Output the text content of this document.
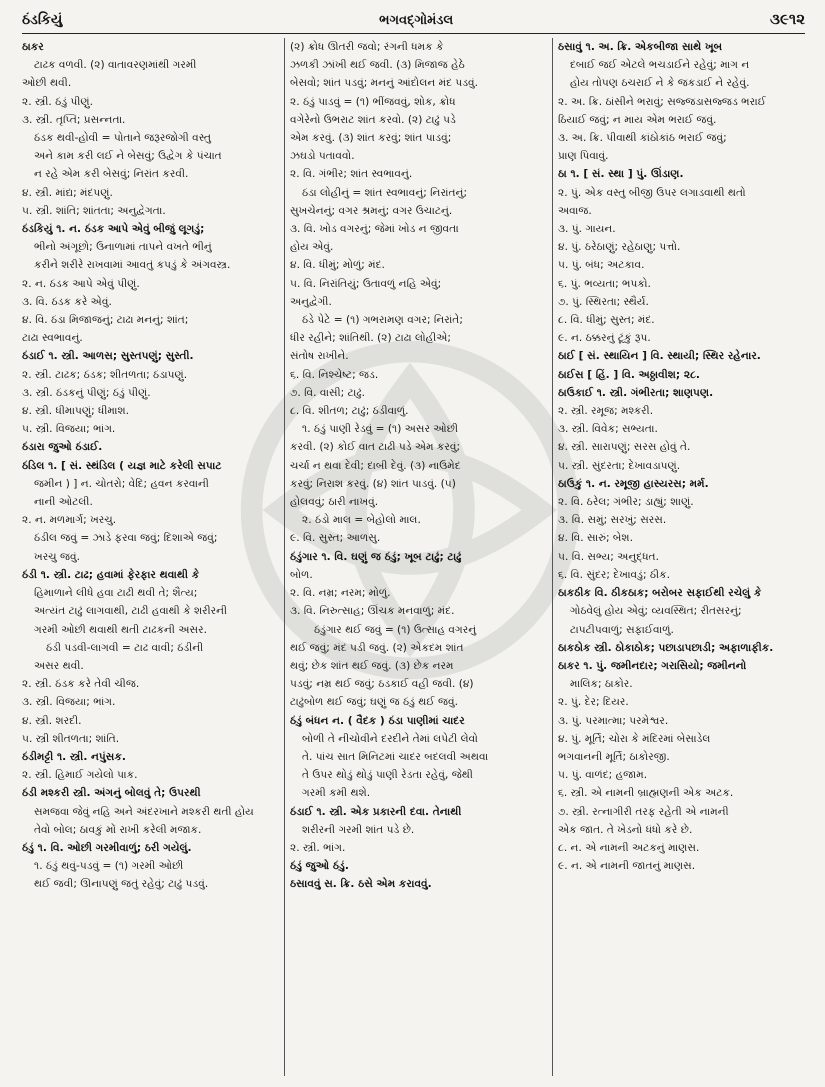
ઠંડકિયું	ભગવદ્ગોમંડલ	૩૯૧૨
ઠાકર
ટાઢક વળવી. (૨) વાતાવરણમાંથી ગરમી
ઓછી થવી.
૨. સ્ત્રી. ઠંડું પીણું.
૩. સ્ત્રી. તૃપ્તિ; પ્રસન્નતા.
ઠંડક થવી-હોવી = પોતાને જરૂરજોગી વસ્તુ
અને કામ કરી લઈ ને બેસવું; ઉદ્વેગ કે પંચાત
ન રહે એમ કરી બેસવું; નિરાંત કરવી.
૪. સ્ત્રી. માંદ્ય; મંદપણું.
૫. સ્ત્રી. શાંતિ; શાંતતા; અનુદ્વેગતા.
ઠંડકિયું ૧. ન. ઠંડક આપે એવું બીજું લૂગડું;
ભીનો અંગૂછો; ઉનાળામાં તાપને વખતે ભીનું
કરીને શરીરે રાખવામાં આવતું કપડું કે અંગવસ્ત્ર.
૨. ન. ઠંડક આપે એવું પીણું.
૩. વિ. ઠંડક કરે એવું.
૪. વિ. ઠંડા મિજાજનું; ટાઢા મનનું; શાંત;
ટાઢા સ્વભાવનું.
ઠંડાઈ ૧. સ્ત્રી. આળસ; સુસ્તપણું; સુસ્તી.
૨. સ્ત્રી. ટાઢક; ઠંડક; શીતળતા; ઠંડાપણું.
૩. સ્ત્રી. ઠંડકનું પીણું; ઠંડું પીણું.
૪. સ્ત્રી. ધીમાપણું; ધીમાશ.
૫. સ્ત્રી. વિજયા; ભાંગ.
ઠંડારા જુઓ ઠંડાઈ.
ઠંડિલ ૧. [ સં. સ્થંડિલ ( યજ્ઞ માટે કરેલી સપાટ
જમીન ) ] ન. ચોતરો; વેદિ; હવન કરવાની
નાની ઓટલી.
૨. ન. મળમાર્ગ; ખરચુ.
ઠંડીલ જવું = ઝાડે ફરવા જવું; દિશાએ જવું;
ખરચુ જવું.
ઠંડી ૧. સ્ત્રી. ટાઢ; હવામાં ફેરફાર થવાથી કે
હિમાળાને લીધે હવા ટાઢી થવી તે; શૈત્ય;
અત્યંત ટાઢું લાગવાથી, ટાઢી હવાથી કે શરીરની
ગરમી ઓછી થવાથી થતી ટાઢકની અસર.
ઠંડી પડવી-લાગવી = ટાઢ વાવી; ઠંડીની
અસર થવી.
૨. સ્ત્રી. ઠંડક કરે તેવી ચીજ.
૩. સ્ત્રી. વિજયા; ભાંગ.
૪. સ્ત્રી. શરદી.
૫. સ્ત્રી શીતળતા; શાંતિ.
ઠંડીમટ્ટી ૧. સ્ત્રી. નપુંસક.
૨. સ્ત્રી. હિમાઈ ગયેલો પાક.
ઠંડી મશ્કરી સ્ત્રી. અંગનું બોલવું તે; ઉપરથી
સમજવા જેવું નહિ અને અંદરખાને મશ્કરી થતી હોય
તેવો બોલ; ઠાવકું મોં રાખી કરેલી મજાક.
ઠંડું ૧. વિ. ઓછી ગરમીવાળું; ઠરી ગયેલું.
૧. ઠંડું થવું-પડવું = (૧) ગરમી ઓછી
થઈ જવી; ઊનાપણું જતું રહેવું; ટાઢું પડવું.
(૨) ક્રોધ ઊતરી જવો; રંગની ધમક કે
ઝળકી ઝાંખી થઈ જવી. (૩) મિજાજ હેઠે
બેસવો; શાંત પડવું; મનનું આંદોલન મંદ પડવું.
૨. ઠંડું પાડવું = (૧) ભીંજવવું, શોક, ક્રોધ
વગેરેનો ઉભરાટ શાંત કરવો. (૨) ટાઢું પડે
એમ કરવું. (૩) શાંત કરવું; શાંત પાડવું;
ઝઘડો પતાવવો.
૨. વિ. ગંભીર; શાંત સ્વભાવનું.
ઠંડા લોહીનું = શાંત સ્વભાવનું; નિરાંતનું;
સુખચેનનું; વગર શ્રમનું; વગર ઉચાટનું.
૩. વિ. ખોડ વગરનું; જેમાં ખોડ ન જીવતા
હોય એવું.
૪. વિ. ધીમું; મોળું; મંદ.
૫. વિ. નિરાંતિયું; ઉતાવળું નહિ એવું;
અનુદ્વેગી.
ઠંડે પેટે = (૧) ગભરામણ વગર; નિરાંતે;
ધીર રહીને; શાંતિથી. (૨) ટાઢા લોહીએ;
સંતોષ રાખીને.
૬. વિ. નિશ્ચેષ્ટ; જડ.
૭. વિ. વાસી; ટાઢું.
૮. વિ. શીતળ; ટાઢું; ઠંડીવાળું.
૧. ઠંડું પાણી રેડવું = (૧) અસર ઓછી
કરવી. (૨) કોઈ વાત ટાઢી પડે એમ કરવું;
ચર્ચા ન થવા દેવી; દાબી દેવું. (૩) નાઉમેદ
કરવું; નિરાશ કરવું. (૪) શાંત પાડવું. (૫)
હોલવવું; ઠારી નાખવું.
૨. ઠંડો માલ = બેહોલો માલ.
૯. વિ. સુસ્ત; આળસુ.
ઠંડુંગાર ૧. વિ. ઘણું જ ઠંડું; ખૂબ ટાઢું; ટાઢું
બોળ.
૨. વિ. નમ્ર; નરમ; મોળું.
૩. વિ. નિરુત્સાહ; ઊંચક મનવાળું; મંદ.
ઠંડુંગાર થઈ જવું = (૧) ઉત્સાહ વગરનું
થઈ જવું; મંદ પડી જવું. (૨) એકદમ શાંત
થવું; છેક શાંત થઈ જવું. (૩) છેક નરમ
પડવું; નમ્ર થઈ જવું; ઠડકાઈ વહી જવી. (૪)
ટાઢુંબોળ થઈ જવું; ઘણું જ ઠંડું થઈ જવું.
ઠંડું બંધન ન. ( વૈદક ) ઠંડા પાણીમાં ચાદર
બોળી તે નીચોવીને દરદીને તેમાં લપેટી લેવો
તે. પાંચ સાત મિનિટમાં ચાદર બદલવી અથવા
તે ઉપર થોડું થોડું પાણી રેડતા રહેવું, જેથી
ગરમી કમી થશે.
ઠંડાઈ ૧. સ્ત્રી. એક પ્રકારની દવા. તેનાથી
શરીરની ગરમી શાંત પડે છે.
૨. સ્ત્રી. ભાંગ.
ઠંડું જુઓ ઠંડું.
ઠસાવવું સ. ક્રિ. ઠસે એમ કરાવવું.
ઠસાવું ૧. અ. ક્રિ. એકબીજા સાથે ખૂબ
દબાઈ જઈ એટલે ભચડાઈને રહેવું; માગ ન
હોય તોપણ ઠચરાઈ ને કે જકડાઈ ને રહેવું.
૨. અ. ક્રિ. ઠાંસીને ભરાવું; સજ્જડાસજ્જડ ભરાઈ
ઠિયાઈ જવું; ન માય એમ ભરાઈ જવું.
૩. અ. ક્રિ. પીવાથી કાંઠોકાંઠ ભરાઈ જવું;
પ્રાણ પિવાવું.
ઠા ૧. [ સં. સ્થા ] પું. ઊંડાણ.
૨. પું. એક વસ્તુ બીજી ઉપર લગાડવાથી થતો
અવાજ.
૩. પું. ગાયન.
૪. પું. ઠરેઠાણું; રહેઠાણુ; પત્તો.
૫. પું. બંધ; અટકાવ.
૬. પું. ભવ્યતા; ભપકો.
૭. પું. સ્થિરતા; સ્થૈર્ય.
૮. વિ. ધીમું; સુસ્ત; મંદ.
૯. ન. ઠક્કરનું ટૂંકું રૂપ.
ઠાઈ [ સં. સ્થાયિન ] વિ. સ્થાયી; સ્થિર રહેનાર.
ઠાઈસ [ હિં. ] વિ. અઠ્ઠાવીશ; ૨૮.
ઠાઉકાઈ ૧. સ્ત્રી. ગંભીરતા; શાણપણ.
૨. સ્ત્રી. રમૂજ; મશ્કરી.
૩. સ્ત્રી. વિવેક; સભ્યતા.
૪. સ્ત્રી. સારાપણું; સરસ હોવું તે.
૫. સ્ત્રી. સુંદરતા; દેખાવડાપણું.
ઠાઉકું ૧. ન. રમૂજી હાસ્યરસ; મર્મ.
૨. વિ. ઠરેલ; ગંભીર; ડાહ્યું; શાણું.
૩. વિ. સમું; સરખું; સરસ.
૪. વિ. સારું; બેશ.
૫. વિ. સભ્ય; અનુદ્ધત.
૬. વિ. સુંદર; દેખાવડું; ઠીક.
ઠાકઠીક વિ. ઠીકઠાક; બરોબર સફાઈથી રચેલું કે
ગોઠવેલું હોય એવું; વ્યવસ્થિત; રીતસરનું;
ટાપટીપવાળું; સફાઈવાળું.
ઠાકઠોક સ્ત્રી. ઠોકાઠોક; પછાડાપછાડી; અફાળાફીક.
ઠાકર ૧. પું. જમીનદાર; ગરાસિયો; જમીનનો
માલિક; ઠાકોર.
૨. પું. દેર; દિયર.
૩. પું. પરમાત્મા; પરમેશ્વર.
૪. પું. મૂર્તિ; ચોરા કે મંદિરમાં બેસાડેલ
ભગવાનની મૂર્તિ; ઠાકોરજી.
૫. પું. વાળંદ; હજામ.
૬. સ્ત્રી. એ નામની બ્રાહ્મણની એક અટક.
૭. સ્ત્રી. રત્નાગીરી તરફ રહેતી એ નામની
એક જાત. તે ખેડનો ધંધો કરે છે.
૮. ન. એ નામની અટકનું માણસ.
૯. ન. એ નામની જાતનું માણસ.
